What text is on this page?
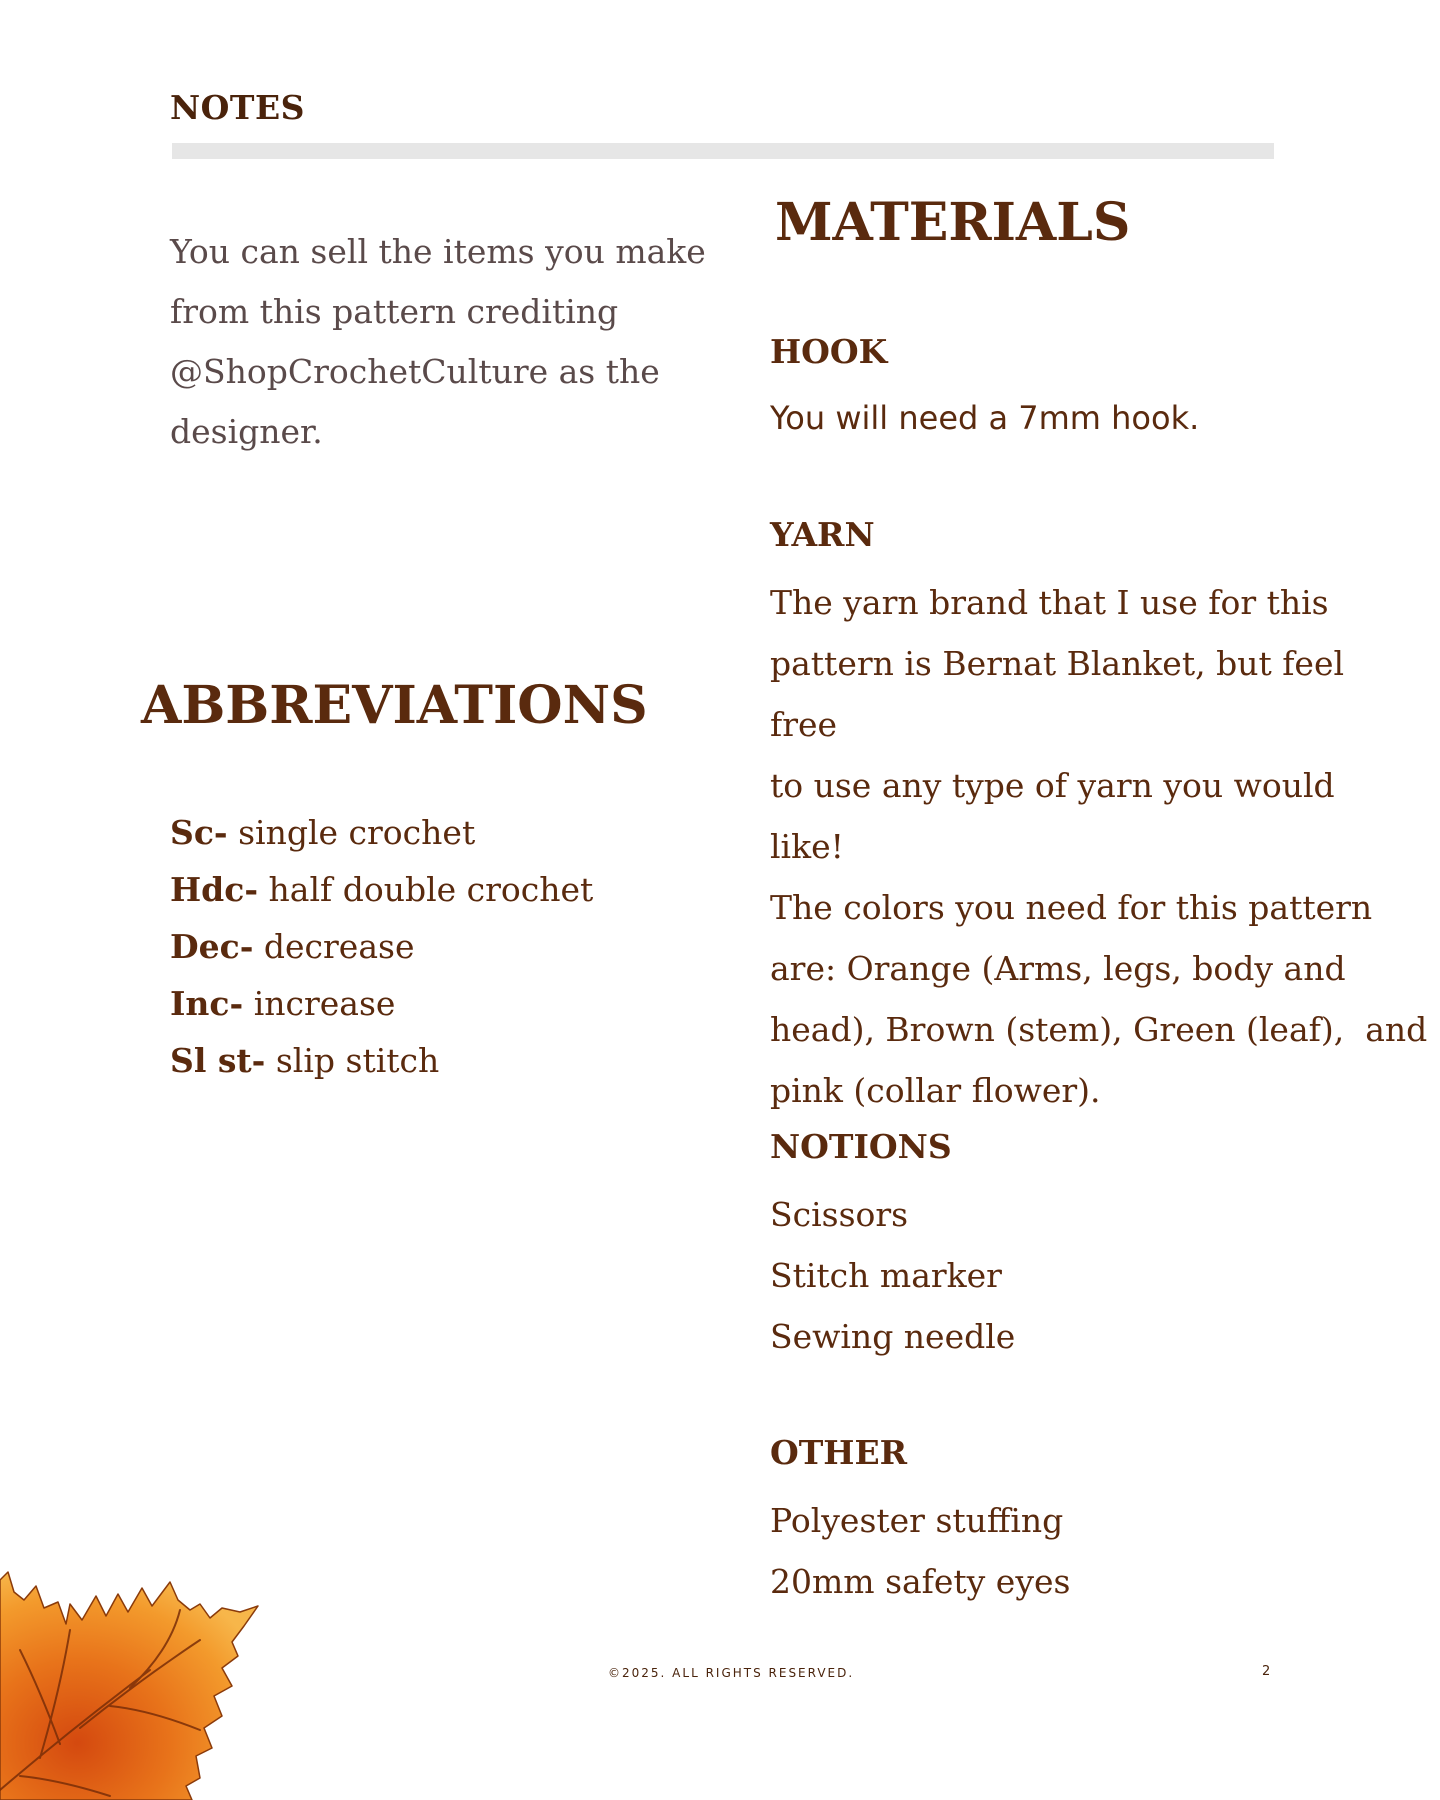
NOTES
You can sell the items you make
from this pattern crediting
@ShopCrochetCulture as the
designer.
MATERIALS
HOOK
You will need a 7mm hook.
YARN
The yarn brand that I use for this
pattern is Bernat Blanket, but feel free
to use any type of yarn you would
like!
The colors you need for this pattern
are: Orange (Arms, legs, body and
head), Brown (stem), Green (leaf),  and
pink (collar flower).
NOTIONS
Scissors
Stitch marker
Sewing needle
OTHER
Polyester stuffing
20mm safety eyes
ABBREVIATIONS
Sc- single crochet
Hdc- half double crochet
Dec- decrease
Inc- increase
Sl st- slip stitch
©2025. ALL RIGHTS RESERVED.	2
